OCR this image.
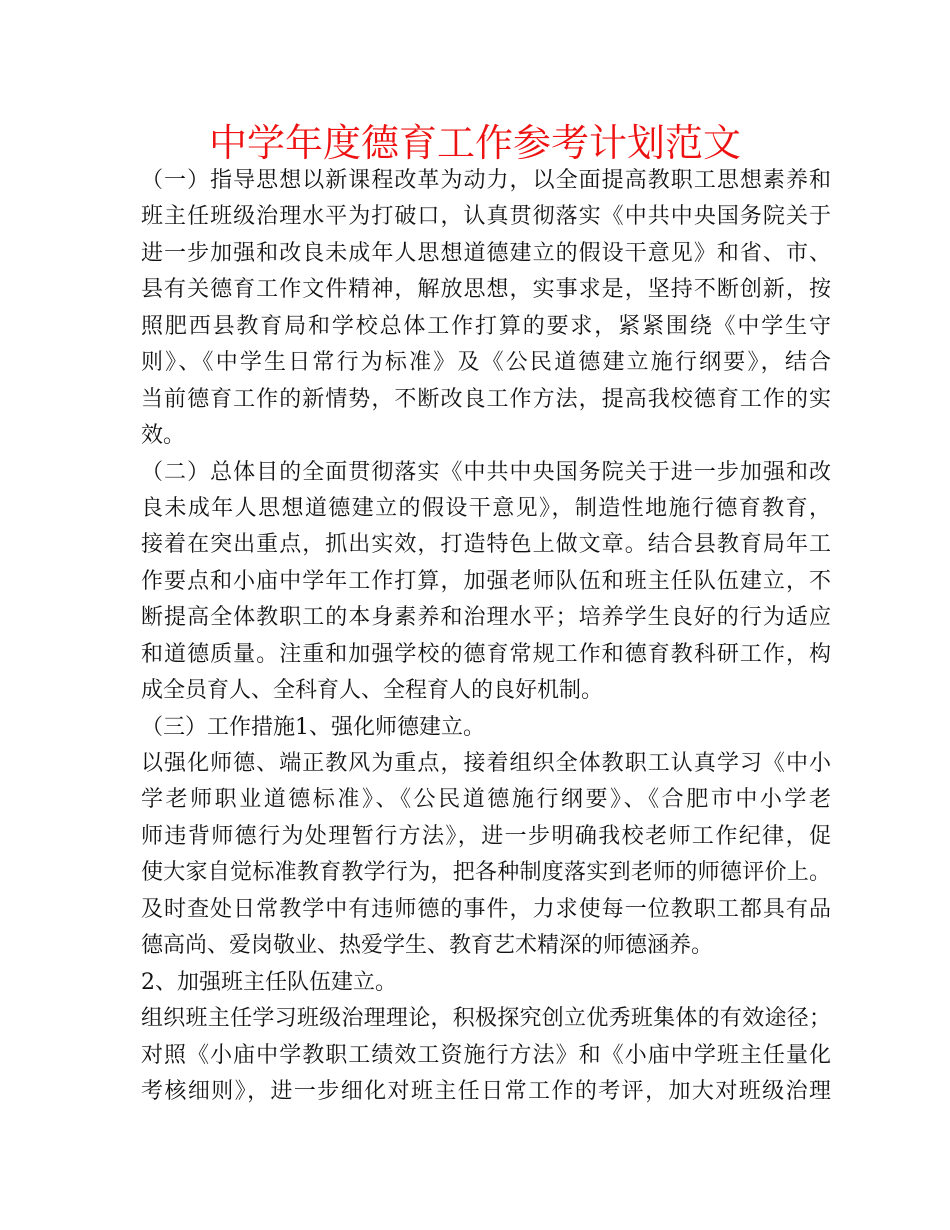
中学年度德育工作参考计划范文
（一）指导思想以新课程改革为动力，以全面提高教职工思想素养和
班主任班级治理水平为打破口，认真贯彻落实《中共中央国务院关于
进一步加强和改良未成年人思想道德建立的假设干意见》和省、市、
县有关德育工作文件精神，解放思想，实事求是，坚持不断创新，按
照肥西县教育局和学校总体工作打算的要求，紧紧围绕《中学生守
则》、《中学生日常行为标准》及《公民道德建立施行纲要》，结合
当前德育工作的新情势，不断改良工作方法，提高我校德育工作的实
效。
（二）总体目的全面贯彻落实《中共中央国务院关于进一步加强和改
良未成年人思想道德建立的假设干意见》，制造性地施行德育教育，
接着在突出重点，抓出实效，打造特色上做文章。结合县教育局年工
作要点和小庙中学年工作打算，加强老师队伍和班主任队伍建立，不
断提高全体教职工的本身素养和治理水平；培养学生良好的行为适应
和道德质量。注重和加强学校的德育常规工作和德育教科研工作，构
成全员育人、全科育人、全程育人的良好机制。
（三）工作措施1、强化师德建立。
以强化师德、端正教风为重点，接着组织全体教职工认真学习《中小
学老师职业道德标准》、《公民道德施行纲要》、《合肥市中小学老
师违背师德行为处理暂行方法》，进一步明确我校老师工作纪律，促
使大家自觉标准教育教学行为，把各种制度落实到老师的师德评价上。
及时查处日常教学中有违师德的事件，力求使每一位教职工都具有品
德高尚、爱岗敬业、热爱学生、教育艺术精深的师德涵养。
2、加强班主任队伍建立。
组织班主任学习班级治理理论，积极探究创立优秀班集体的有效途径；
对照《小庙中学教职工绩效工资施行方法》和《小庙中学班主任量化
考核细则》，进一步细化对班主任日常工作的考评，加大对班级治理
